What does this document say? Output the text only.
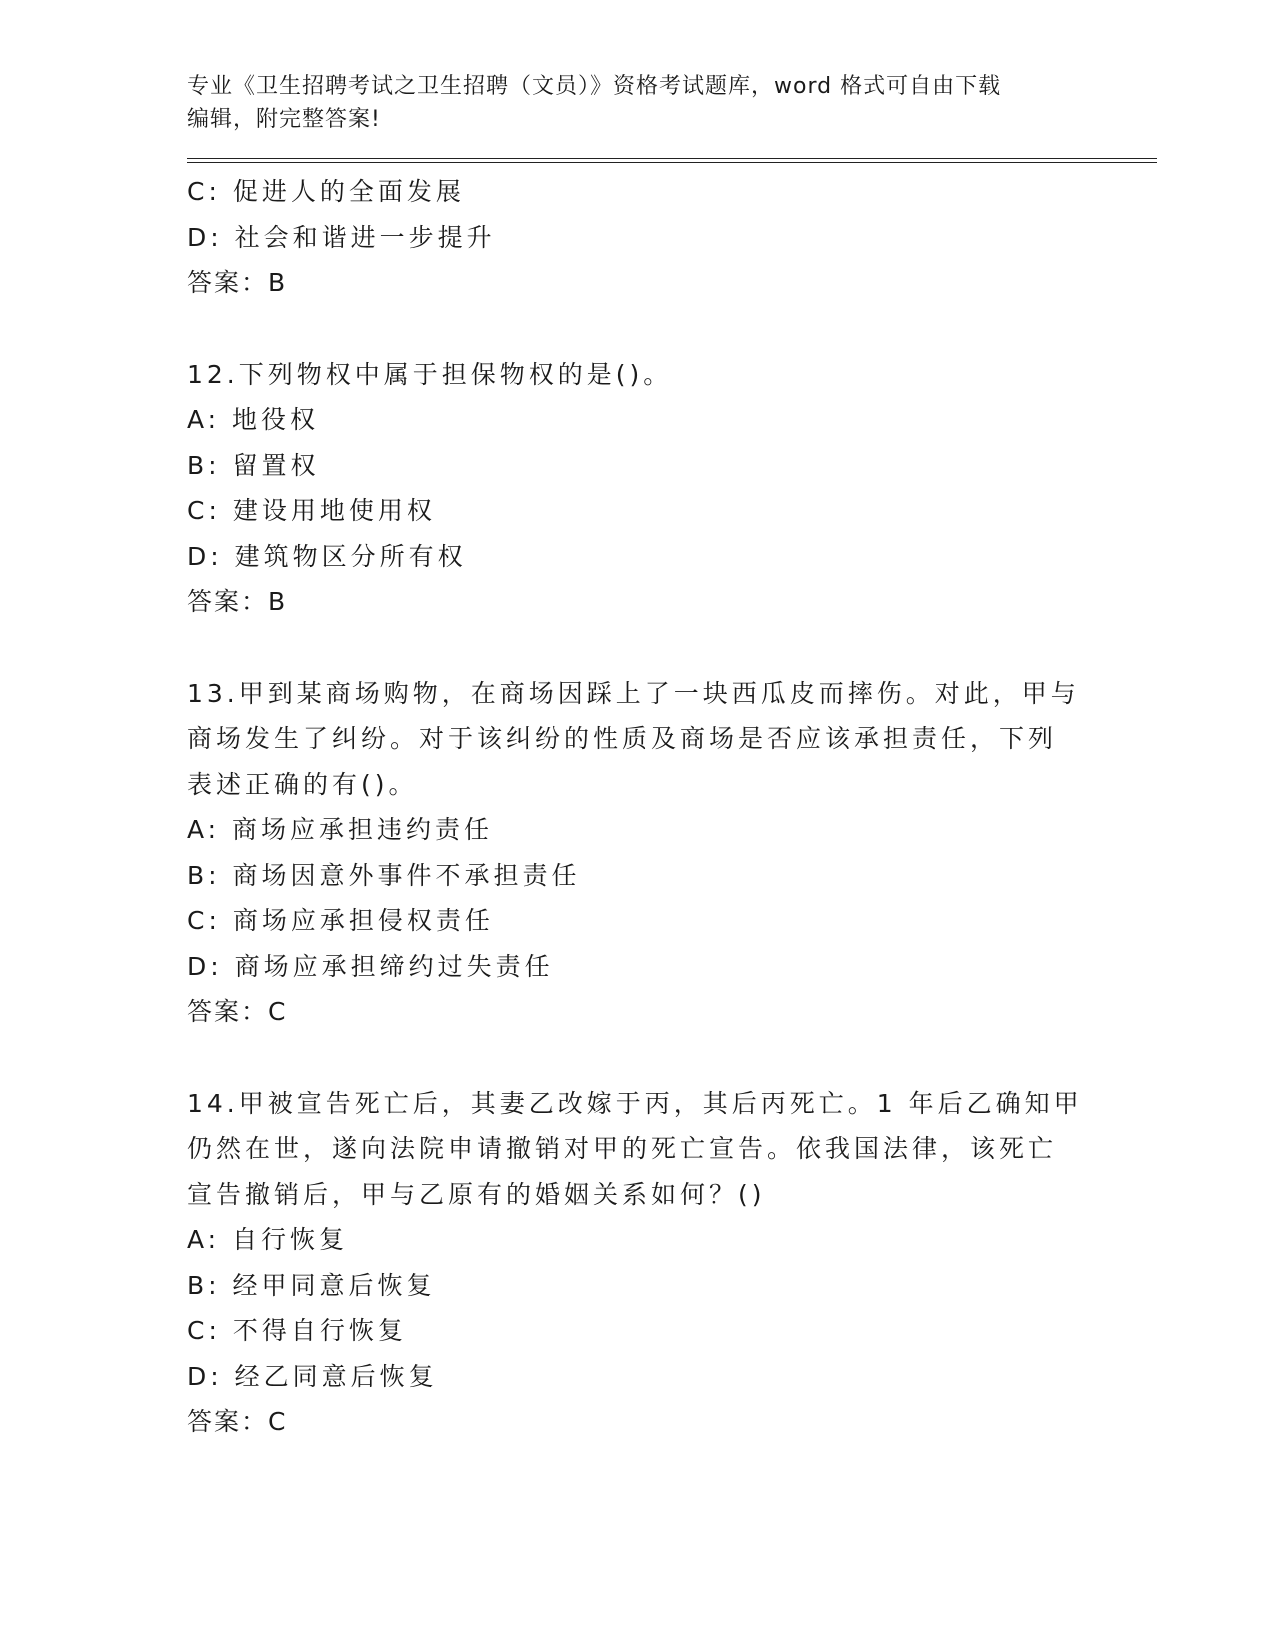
专业《卫生招聘考试之卫生招聘（文员）》资格考试题库，word 格式可自由下载

编辑，附完整答案!

C: 促进人的全面发展

D: 社会和谐进一步提升

答案：B

12.下列物权中属于担保物权的是()。

A: 地役权

B: 留置权

C: 建设用地使用权

D: 建筑物区分所有权

答案：B

13.甲到某商场购物，在商场因踩上了一块西瓜皮而摔伤。对此，甲与

商场发生了纠纷。对于该纠纷的性质及商场是否应该承担责任，下列

表述正确的有()。

A: 商场应承担违约责任

B: 商场因意外事件不承担责任

C: 商场应承担侵权责任

D: 商场应承担缔约过失责任

答案：C

14.甲被宣告死亡后，其妻乙改嫁于丙，其后丙死亡。1 年后乙确知甲

仍然在世，遂向法院申请撤销对甲的死亡宣告。依我国法律，该死亡

宣告撤销后，甲与乙原有的婚姻关系如何？()

A: 自行恢复

B: 经甲同意后恢复

C: 不得自行恢复

D: 经乙同意后恢复

答案：C
